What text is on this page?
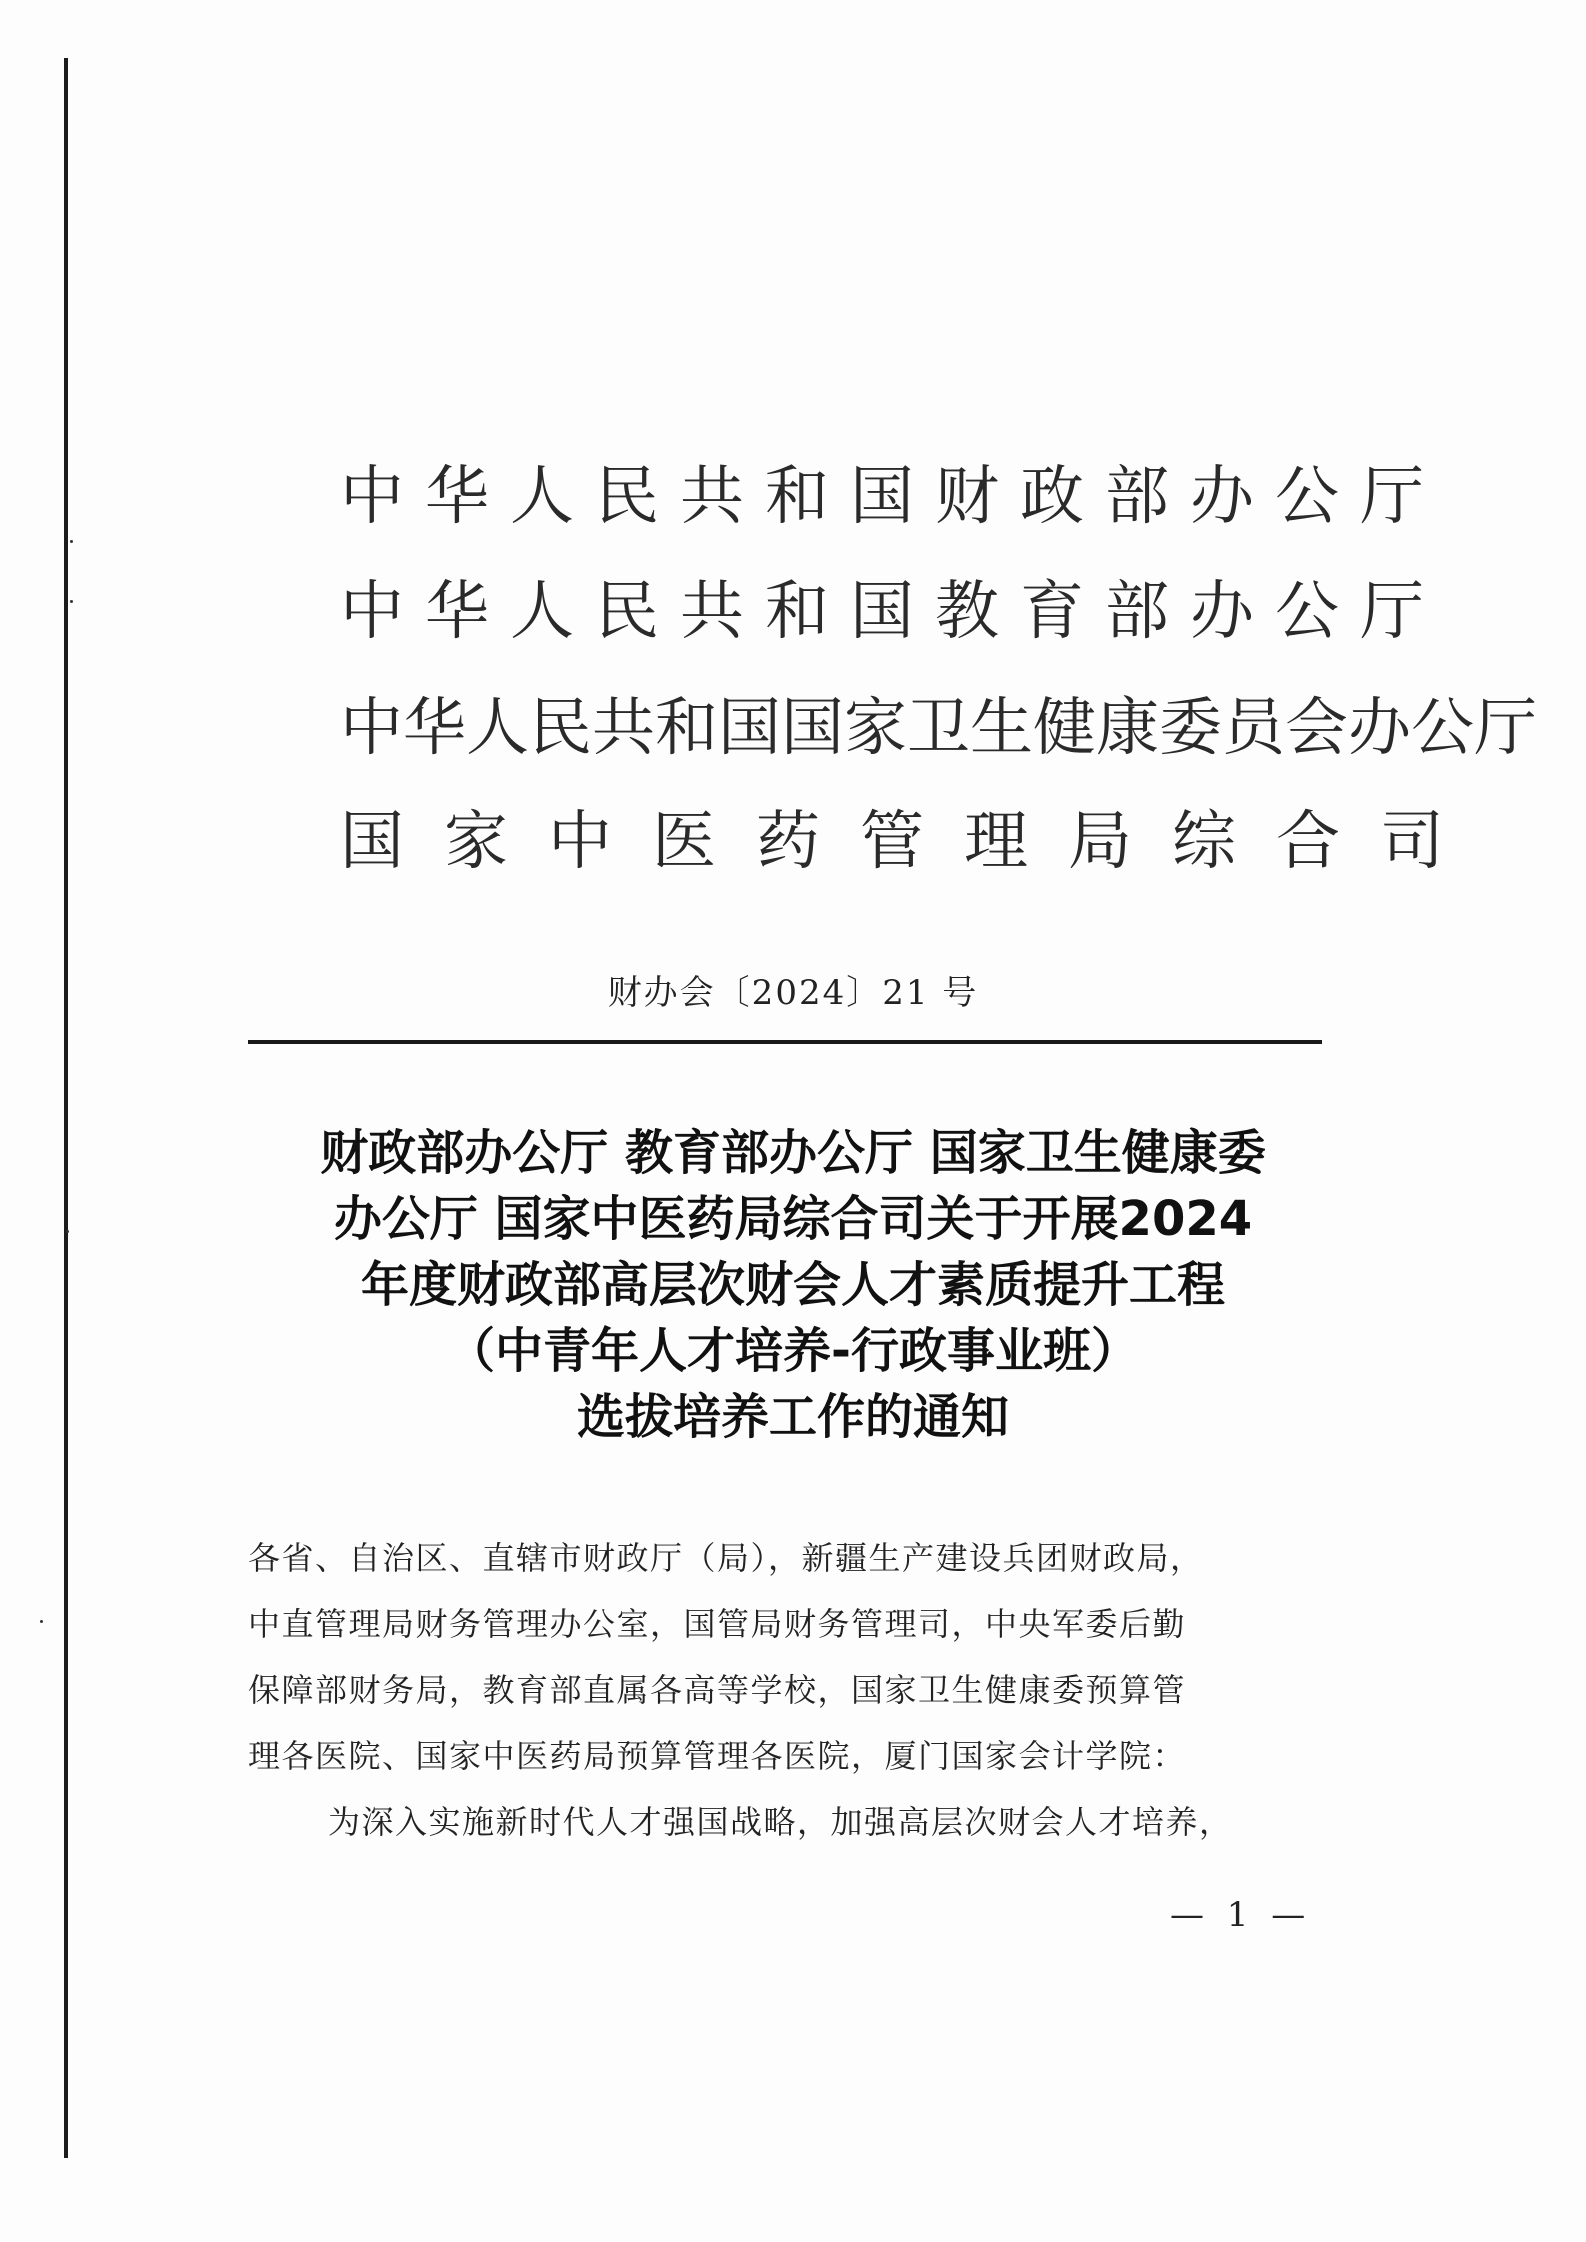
中华人民共和国财政部办公厅
中华人民共和国教育部办公厅
中华人民共和国国家卫生健康委员会办公厅
国家中医药管理局综合司
财办会〔2024〕21 号
财政部办公厅 教育部办公厅 国家卫生健康委
办公厅 国家中医药局综合司关于开展2024
年度财政部高层次财会人才素质提升工程
（中青年人才培养-行政事业班）
选拔培养工作的通知
各省、自治区、直辖市财政厅（局），新疆生产建设兵团财政局，
中直管理局财务管理办公室，国管局财务管理司，中央军委后勤
保障部财务局，教育部直属各高等学校，国家卫生健康委预算管
理各医院、国家中医药局预算管理各医院，厦门国家会计学院：
为深入实施新时代人才强国战略，加强高层次财会人才培养，
— 1 —
